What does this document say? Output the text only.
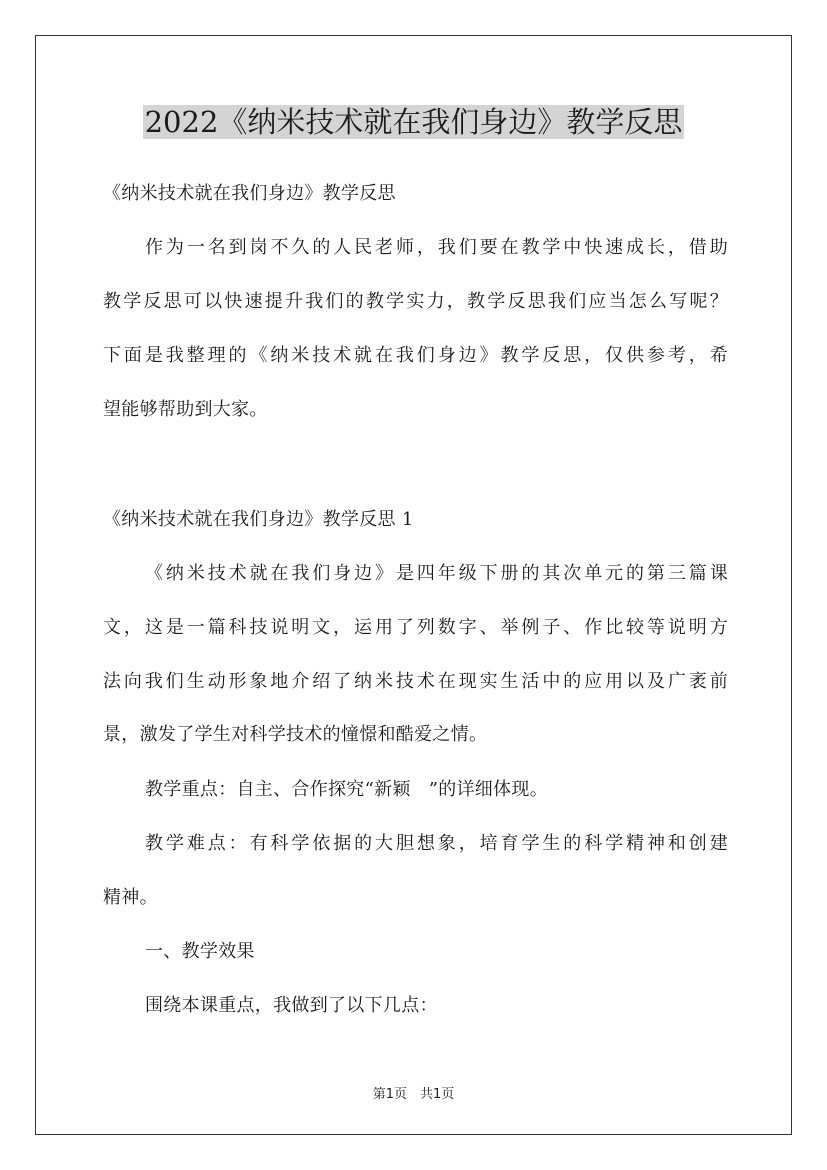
2022《纳米技术就在我们身边》教学反思
《纳米技术就在我们身边》教学反思
作为一名到岗不久的人民老师，我们要在教学中快速成长，借助
教学反思可以快速提升我们的教学实力，教学反思我们应当怎么写呢？
下面是我整理的《纳米技术就在我们身边》教学反思，仅供参考，希
望能够帮助到大家。
《纳米技术就在我们身边》教学反思 1
《纳米技术就在我们身边》是四年级下册的其次单元的第三篇课
文，这是一篇科技说明文，运用了列数字、举例子、作比较等说明方
法向我们生动形象地介绍了纳米技术在现实生活中的应用以及广袤前
景，激发了学生对科学技术的憧憬和酷爱之情。
教学重点：自主、合作探究“新颖 ”的详细体现。
教学难点：有科学依据的大胆想象，培育学生的科学精神和创建
精神。
一、教学效果
围绕本课重点，我做到了以下几点：
第1页　共1页
